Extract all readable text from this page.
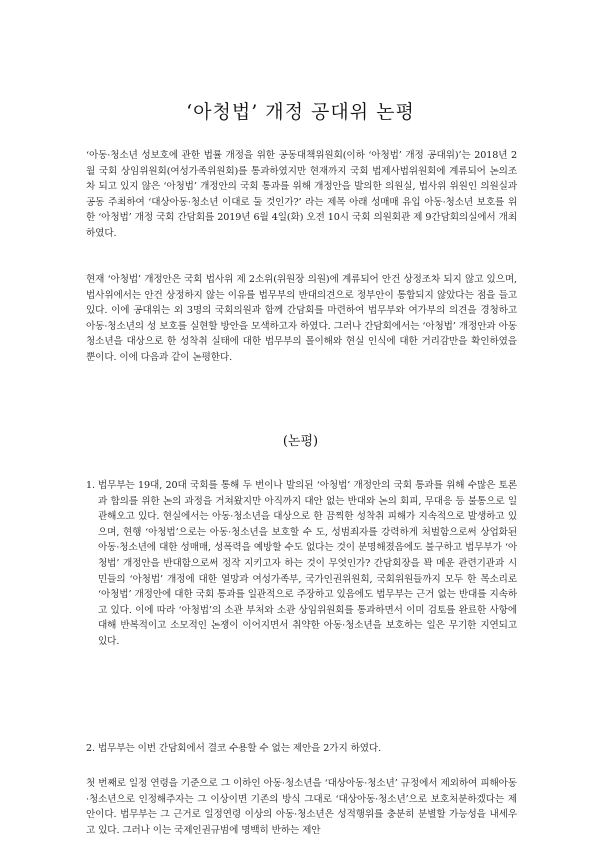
‘아청법’ 개정 공대위 논평

‘아동·청소년 성보호에 관한 법률 개정을 위한 공동대책위원회(이하 ‘아청법’ 개정 공대위)’는 2018년 2월 국회 상임위원회(여성가족위원회)를 통과하였지만 현재까지 국회 법제사법위원회에 계류되어 논의조차 되고 있지 않은 ‘아청법’ 개정안의 국회 통과를 위해 개정안을 발의한 의원실, 법사위 위원인 의원실과 공동 주최하여 ‘대상아동·청소년 이대로 둘 것인가?’ 라는 제목 아래 성매매 유입 아동·청소년 보호를 위한 ‘아청법’ 개정 국회 간담회를 2019년 6월 4일(화) 오전 10시 국회 의원회관 제 9간담회의실에서 개최하였다.

현재 ‘아청법’ 개정안은 국회 법사위 제 2소위(위원장 의원)에 계류되어 안건 상정조차 되지 않고 있으며, 법사위에서는 안건 상정하지 않는 이유를 법무부의 반대의견으로 정부안이 통합되지 않았다는 점을 들고 있다. 이에 공대위는 외 3명의 국회의원과 함께 간담회를 마련하여 법무부와 여가부의 의견을 경청하고 아동·청소년의 성 보호를 실현할 방안을 모색하고자 하였다. 그러나 간담회에서는 ‘아청법’ 개정안과 아동청소년을 대상으로 한 성착취 실태에 대한 법무부의 몰이해와 현실 인식에 대한 거리감만을 확인하였을 뿐이다. 이에 다음과 같이 논평한다.

(논평)
1. 법무부는 19대, 20대 국회를 통해 두 번이나 발의된 ‘아청법’ 개정안의 국회 통과를 위해 수많은 토론과 합의를 위한 논의 과정을 거쳐왔지만 아직까지 대안 없는 반대와 논의 회피, 무대응 등 불통으로 일관해오고 있다. 현실에서는 아동·청소년을 대상으로 한 끔찍한 성착취 피해가 지속적으로 발생하고 있으며, 현행 ‘아청법’으로는 아동·청소년을 보호할 수 도, 성범죄자를 강력하게 처벌함으로써 상업화된 아동·청소년에 대한 성매매, 성폭력을 예방할 수도 없다는 것이 분명해졌음에도 불구하고 법무부가 ‘아청법’ 개정안을 반대함으로써 정작 지키고자 하는 것이 무엇인가? 간담회장을 꽉 메운 관련기관과 시민들의 ‘아청법’ 개정에 대한 열망과 여성가족부, 국가인권위원회, 국회위원들까지 모두 한 목소리로 ‘아청법’ 개정안에 대한 국회 통과를 일관적으로 주장하고 있음에도 법무부는 근거 없는 반대를 지속하고 있다. 이에 따라 ‘아청법’의 소관 부처와 소관 상임위원회를 통과하면서 이미 검토를 완료한 사항에 대해 반복적이고 소모적인 논쟁이 이어지면서 취약한 아동·청소년을 보호하는 일은 무기한 지연되고 있다.
2. 법무부는 이번 간담회에서 결코 수용할 수 없는 제안을 2가지 하였다.

첫 번째로 일정 연령을 기준으로 그 이하인 아동·청소년을 ‘대상아동·청소년’ 규정에서 제외하여 피해아동·청소년으로 인정해주자는 그 이상이면 기존의 방식 그대로 ‘대상아동·청소년’으로 보호처분하겠다는 제안이다. 법무부는 그 근거로 일정연령 이상의 아동·청소년은 성적행위를 충분히 분별할 가능성을 내세우고 있다. 그러나 이는 국제인권규범에 명백히 반하는 제안
